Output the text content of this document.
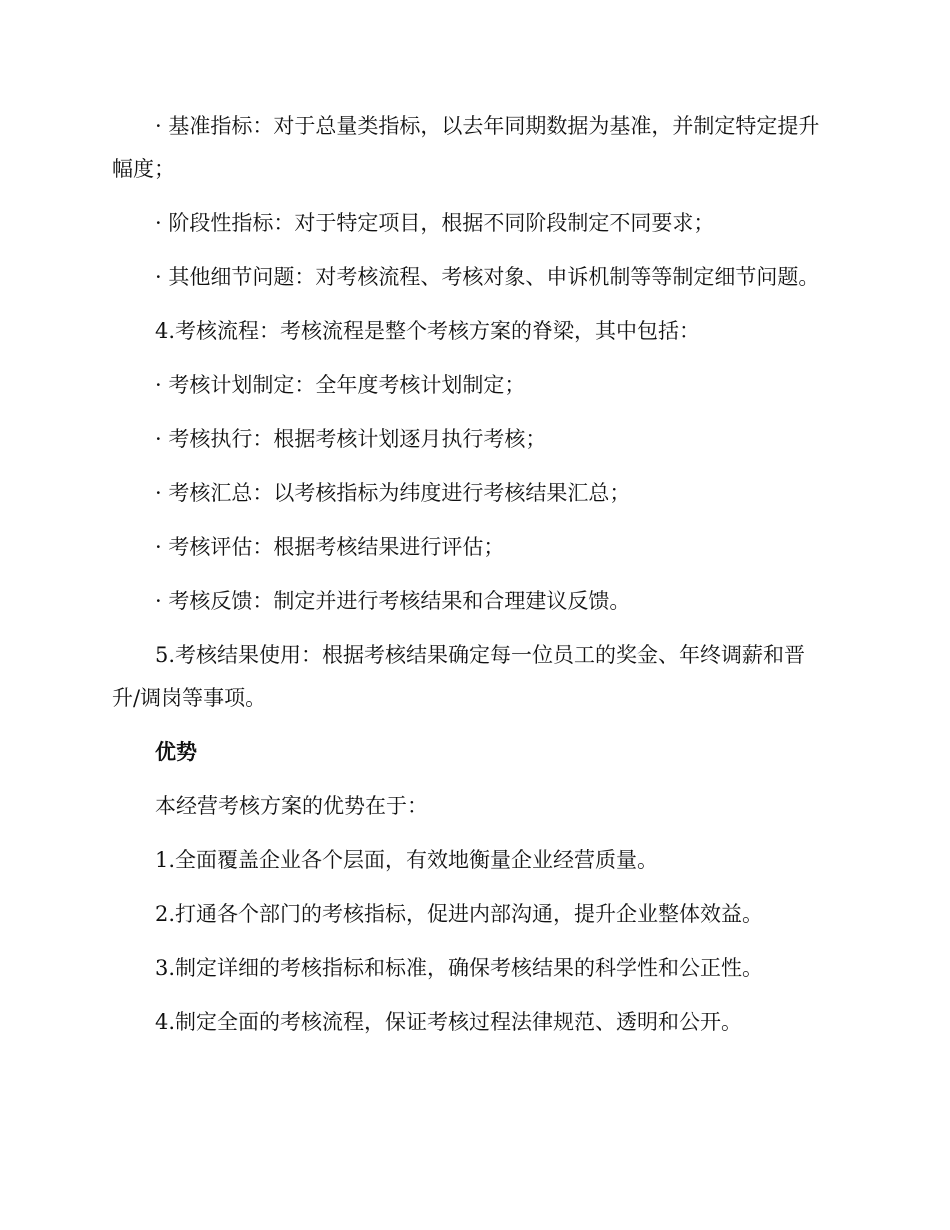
· 基准指标：对于总量类指标，以去年同期数据为基准，并制定特定提升幅度；

· 阶段性指标：对于特定项目，根据不同阶段制定不同要求；

· 其他细节问题：对考核流程、考核对象、申诉机制等等制定细节问题。

4.考核流程：考核流程是整个考核方案的脊梁，其中包括：

· 考核计划制定：全年度考核计划制定；

· 考核执行：根据考核计划逐月执行考核；

· 考核汇总：以考核指标为纬度进行考核结果汇总；

· 考核评估：根据考核结果进行评估；

· 考核反馈：制定并进行考核结果和合理建议反馈。

5.考核结果使用：根据考核结果确定每一位员工的奖金、年终调薪和晋升/调岗等事项。

优势

本经营考核方案的优势在于：

1.全面覆盖企业各个层面，有效地衡量企业经营质量。

2.打通各个部门的考核指标，促进内部沟通，提升企业整体效益。

3.制定详细的考核指标和标准，确保考核结果的科学性和公正性。

4.制定全面的考核流程，保证考核过程法律规范、透明和公开。
